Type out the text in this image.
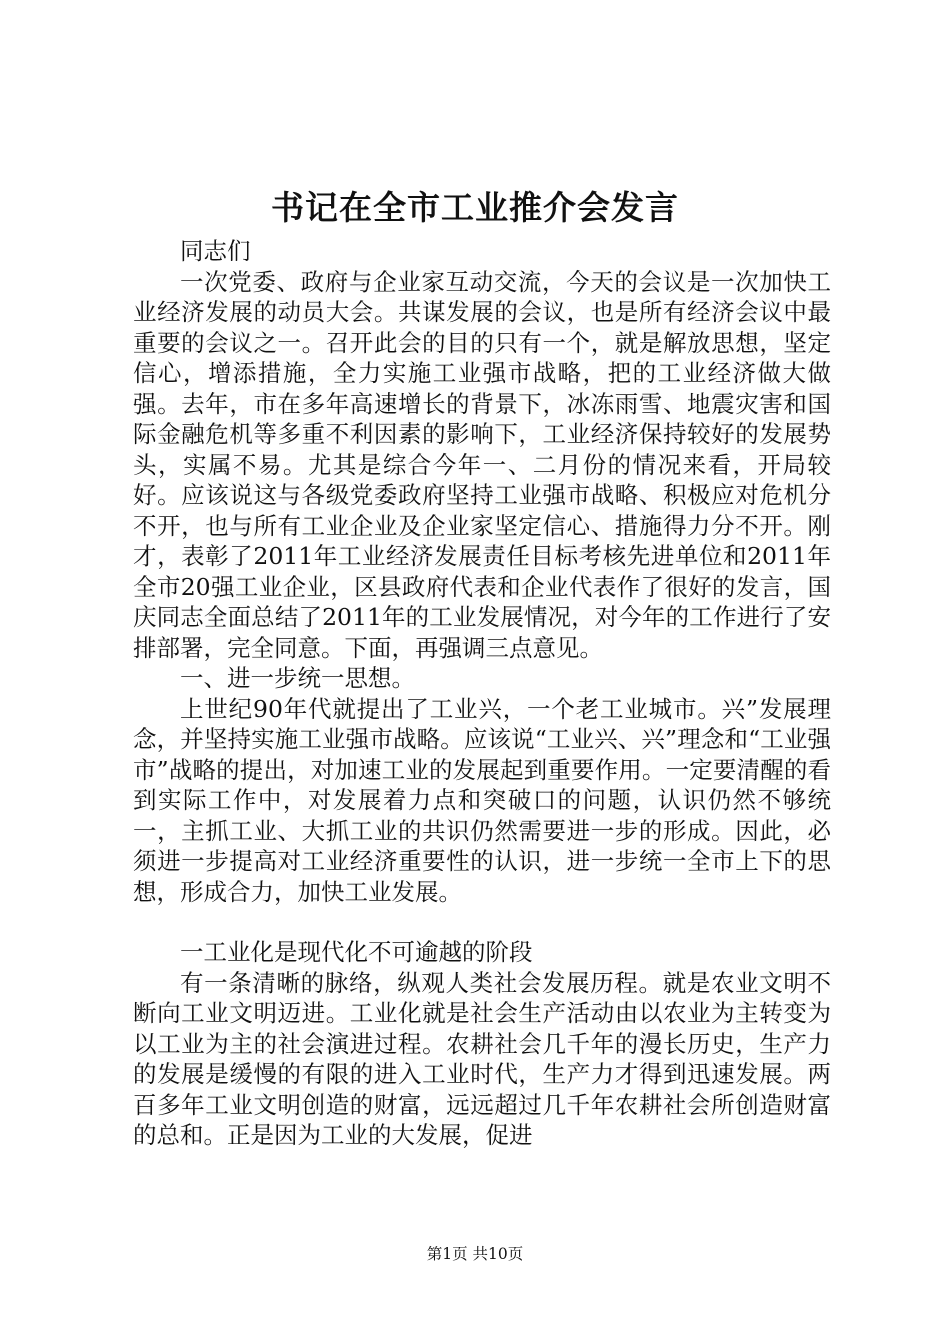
书记在全市工业推介会发言

同志们

一次党委、政府与企业家互动交流，今天的会议是一次加快工业经济发展的动员大会。共谋发展的会议，也是所有经济会议中最重要的会议之一。召开此会的目的只有一个，就是解放思想，坚定信心，增添措施，全力实施工业强市战略，把的工业经济做大做强。去年，市在多年高速增长的背景下，冰冻雨雪、地震灾害和国际金融危机等多重不利因素的影响下，工业经济保持较好的发展势头，实属不易。尤其是综合今年一、二月份的情况来看，开局较好。应该说这与各级党委政府坚持工业强市战略、积极应对危机分不开，也与所有工业企业及企业家坚定信心、措施得力分不开。刚才，表彰了2011年工业经济发展责任目标考核先进单位和2011年全市20强工业企业，区县政府代表和企业代表作了很好的发言，国庆同志全面总结了2011年的工业发展情况，对今年的工作进行了安排部署，完全同意。下面，再强调三点意见。

一、进一步统一思想。

上世纪90年代就提出了工业兴，一个老工业城市。兴”发展理念，并坚持实施工业强市战略。应该说“工业兴、兴”理念和“工业强市”战略的提出，对加速工业的发展起到重要作用。一定要清醒的看到实际工作中，对发展着力点和突破口的问题，认识仍然不够统一，主抓工业、大抓工业的共识仍然需要进一步的形成。因此，必须进一步提高对工业经济重要性的认识，进一步统一全市上下的思想，形成合力，加快工业发展。

一工业化是现代化不可逾越的阶段

有一条清晰的脉络，纵观人类社会发展历程。就是农业文明不断向工业文明迈进。工业化就是社会生产活动由以农业为主转变为以工业为主的社会演进过程。农耕社会几千年的漫长历史，生产力的发展是缓慢的有限的进入工业时代，生产力才得到迅速发展。两百多年工业文明创造的财富，远远超过几千年农耕社会所创造财富的总和。正是因为工业的大发展，促进

第1页 共10页
